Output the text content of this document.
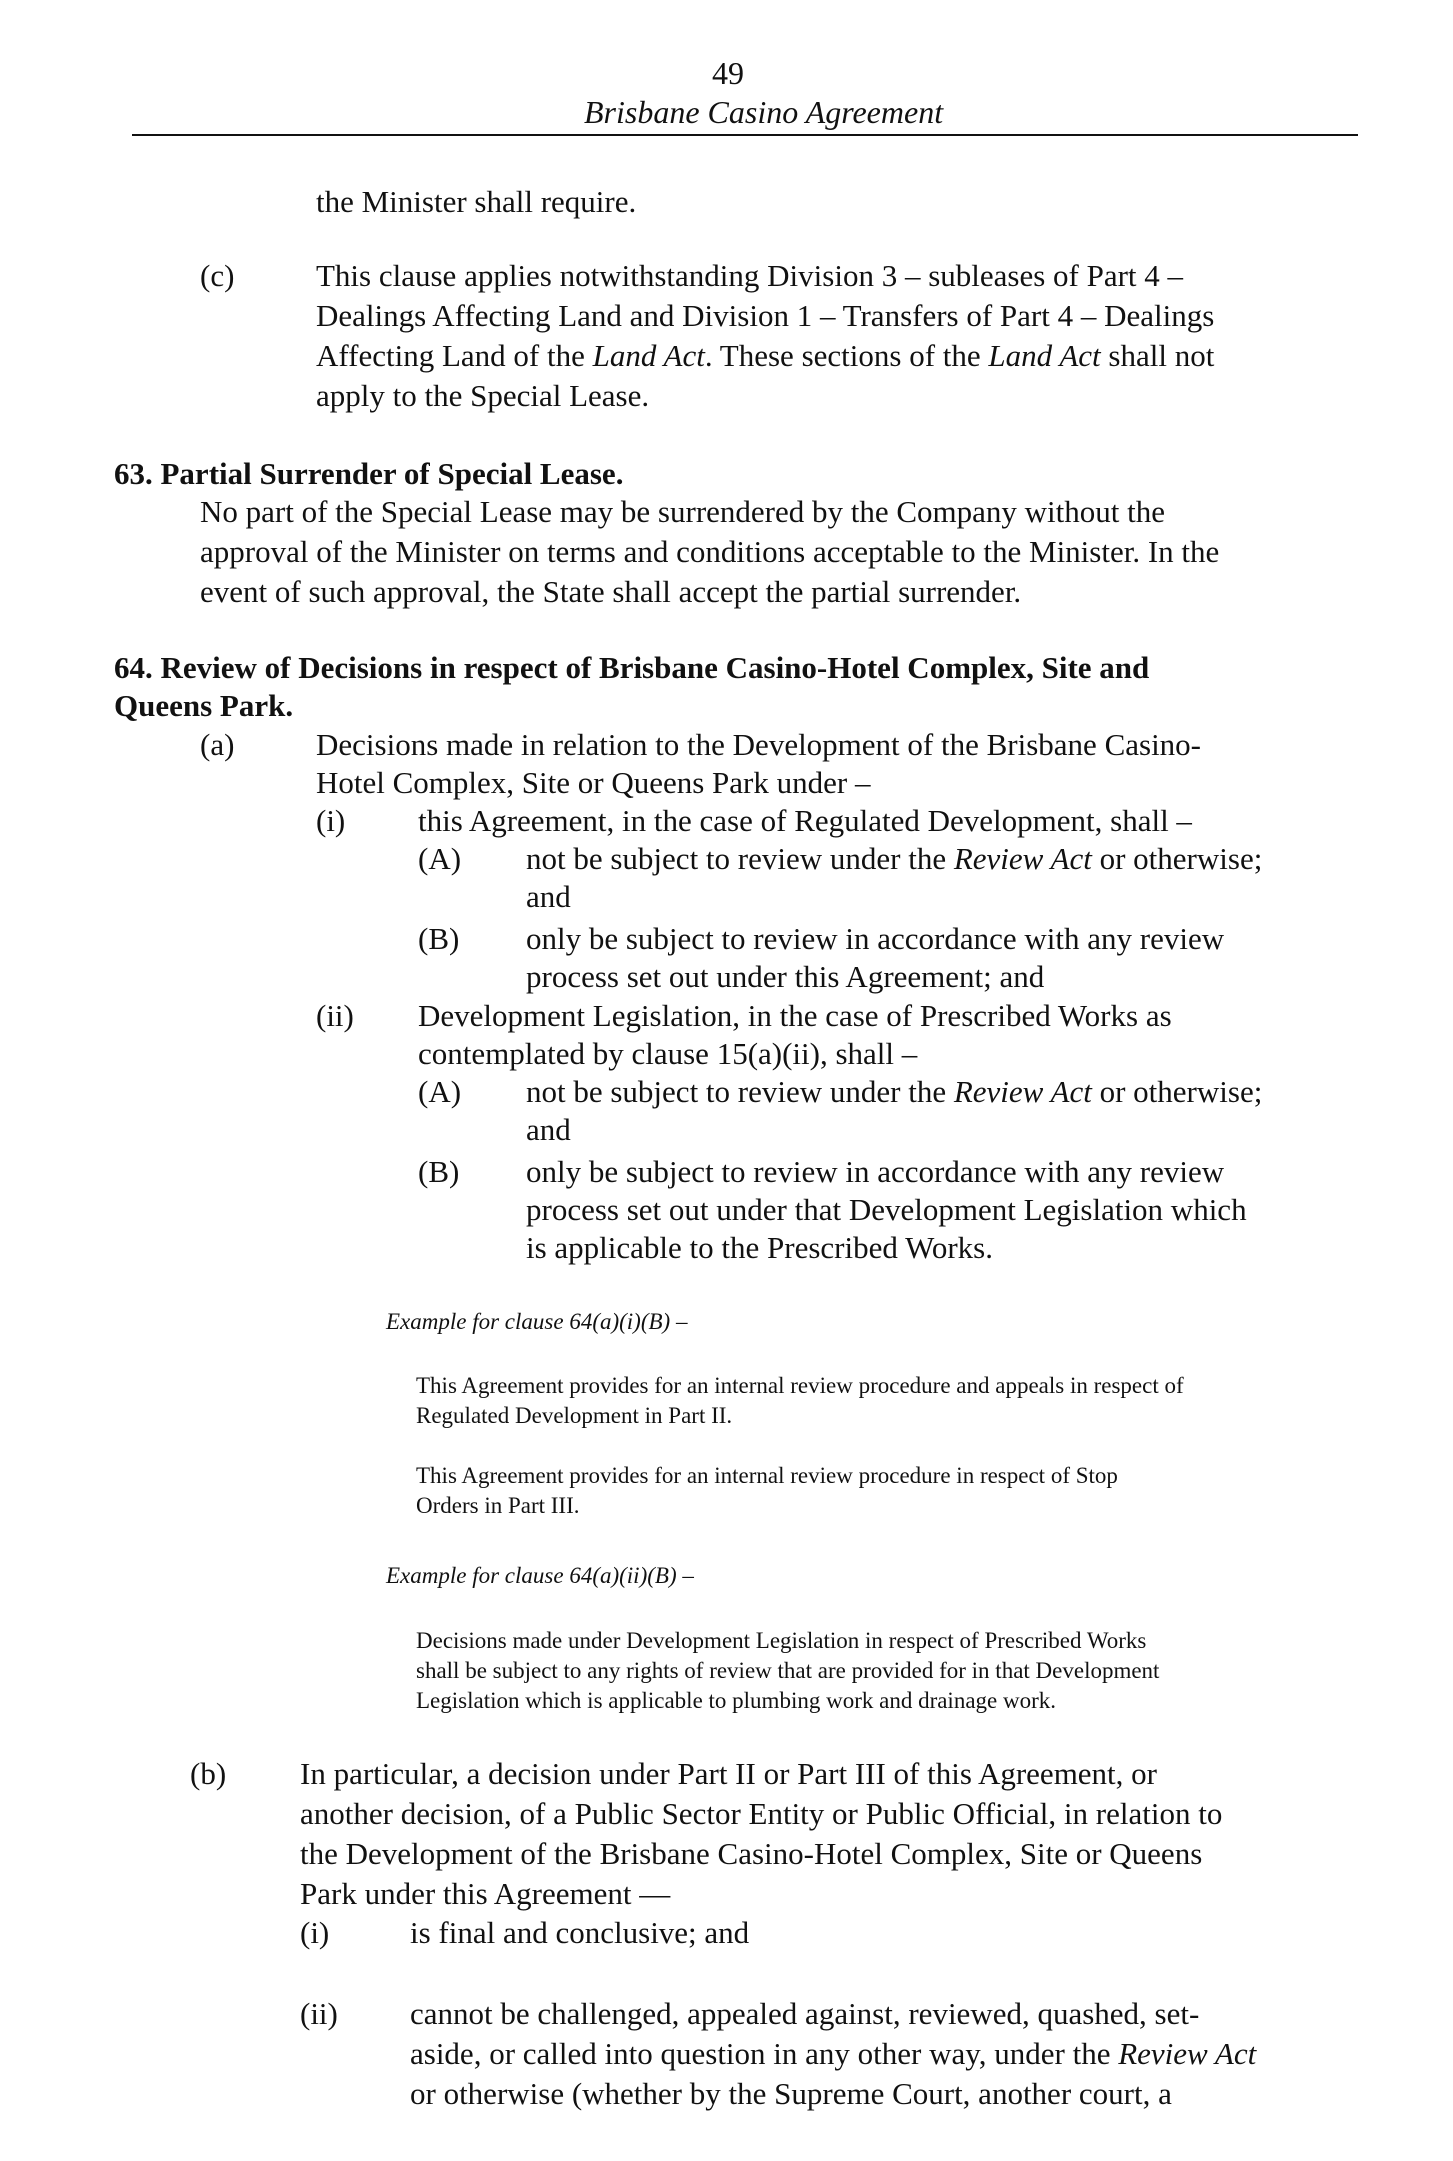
49
Brisbane Casino Agreement
the Minister shall require.
(c)	This clause applies notwithstanding Division 3 – subleases of Part 4 –
Dealings Affecting Land and Division 1 – Transfers of Part 4 – Dealings
Affecting Land of the Land Act. These sections of the Land Act shall not
apply to the Special Lease.
63. Partial Surrender of Special Lease.
No part of the Special Lease may be surrendered by the Company without the
approval of the Minister on terms and conditions acceptable to the Minister. In the
event of such approval, the State shall accept the partial surrender.
64. Review of Decisions in respect of Brisbane Casino-Hotel Complex, Site and
Queens Park.
(a)	Decisions made in relation to the Development of the Brisbane Casino-
Hotel Complex, Site or Queens Park under –
(i) this Agreement, in the case of Regulated Development, shall –
(A) not be subject to review under the Review Act or otherwise;
and
(B) only be subject to review in accordance with any review
process set out under this Agreement; and
(ii) Development Legislation, in the case of Prescribed Works as
contemplated by clause 15(a)(ii), shall –
(A) not be subject to review under the Review Act or otherwise;
and
(B) only be subject to review in accordance with any review
process set out under that Development Legislation which
is applicable to the Prescribed Works.
Example for clause 64(a)(i)(B) –
This Agreement provides for an internal review procedure and appeals in respect of
Regulated Development in Part II.
This Agreement provides for an internal review procedure in respect of Stop
Orders in Part III.
Example for clause 64(a)(ii)(B) –
Decisions made under Development Legislation in respect of Prescribed Works
shall be subject to any rights of review that are provided for in that Development
Legislation which is applicable to plumbing work and drainage work.
(b) In particular, a decision under Part II or Part III of this Agreement, or
another decision, of a Public Sector Entity or Public Official, in relation to
the Development of the Brisbane Casino-Hotel Complex, Site or Queens
Park under this Agreement —
(i)	is final and conclusive; and
(ii) cannot be challenged, appealed against, reviewed, quashed, set-
aside, or called into question in any other way, under the Review Act
or otherwise (whether by the Supreme Court, another court, a
